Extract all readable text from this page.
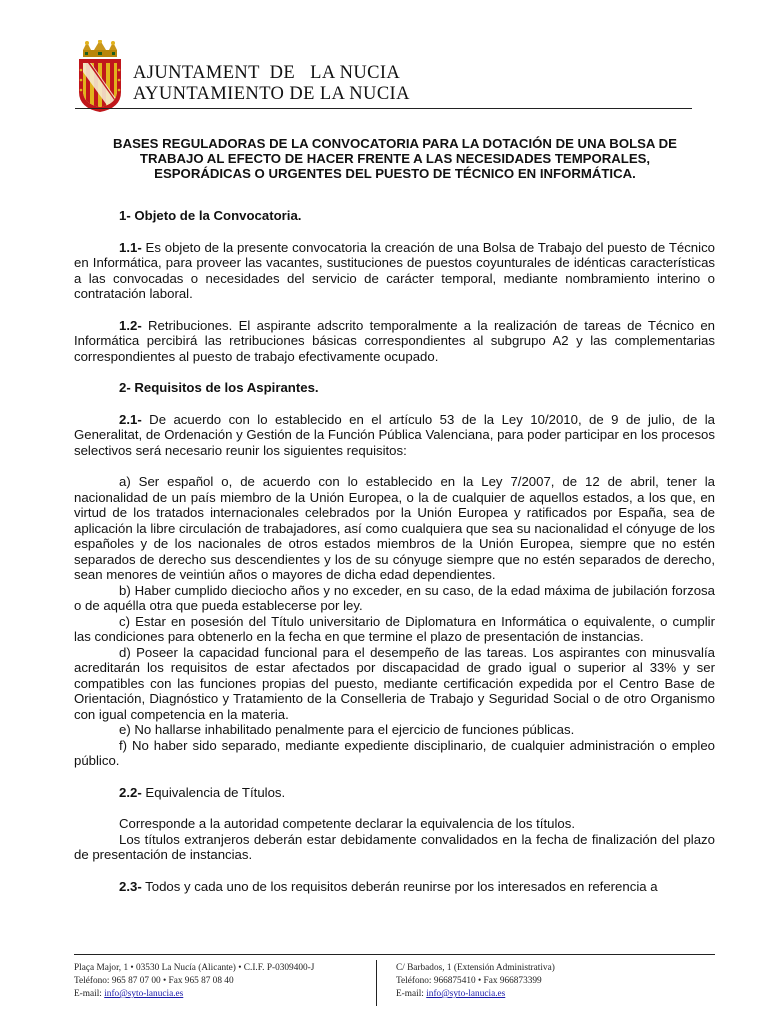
AJUNTAMENT  DE   LA NUCIA
AYUNTAMIENTO DE LA NUCIA
BASES REGULADORAS DE LA CONVOCATORIA PARA LA DOTACIÓN DE UNA BOLSA DE
TRABAJO AL EFECTO DE HACER FRENTE A LAS NECESIDADES TEMPORALES,
ESPORÁDICAS O URGENTES DEL PUESTO DE TÉCNICO EN INFORMÁTICA.

1- Objeto de la Convocatoria.

1.1- Es objeto de la presente convocatoria la creación de una Bolsa de Trabajo del puesto de Técnico en Informática, para proveer las vacantes, sustituciones de puestos coyunturales de idénticas características a las convocadas o necesidades del servicio de carácter temporal, mediante nombramiento interino o contratación laboral.

1.2- Retribuciones. El aspirante adscrito temporalmente a la realización de tareas de Técnico en Informática percibirá las retribuciones básicas correspondientes al subgrupo A2 y las complementarias correspondientes al puesto de trabajo efectivamente ocupado.

2- Requisitos de los Aspirantes.

2.1- De acuerdo con lo establecido en el artículo 53 de la Ley 10/2010, de 9 de julio, de la Generalitat, de Ordenación y Gestión de la Función Pública Valenciana, para poder participar en los procesos selectivos será necesario reunir los siguientes requisitos:

a) Ser español o, de acuerdo con lo establecido en la Ley 7/2007, de 12 de abril, tener la nacionalidad de un país miembro de la Unión Europea, o la de cualquier de aquellos estados, a los que, en virtud de los tratados internacionales celebrados por la Unión Europea y ratificados por España, sea de aplicación la libre circulación de trabajadores, así como cualquiera que sea su nacionalidad el cónyuge de los españoles y de los nacionales de otros estados miembros de la Unión Europea, siempre que no estén separados de derecho sus descendientes y los de su cónyuge siempre que no estén separados de derecho, sean menores de veintiún años o mayores de dicha edad dependientes.

b) Haber cumplido dieciocho años y no exceder, en su caso, de la edad máxima de jubilación forzosa o de aquélla otra que pueda establecerse por ley.

c) Estar en posesión del Título universitario de Diplomatura en Informática o equivalente, o cumplir las condiciones para obtenerlo en la fecha en que termine el plazo de presentación de instancias.

d) Poseer la capacidad funcional para el desempeño de las tareas. Los aspirantes con minusvalía acreditarán los requisitos de estar afectados por discapacidad de grado igual o superior al 33% y ser compatibles con las funciones propias del puesto, mediante certificación expedida por el Centro Base de Orientación, Diagnóstico y Tratamiento de la Conselleria de Trabajo y Seguridad Social o de otro Organismo con igual competencia en la materia.

e) No hallarse inhabilitado penalmente para el ejercicio de funciones públicas.

f) No haber sido separado, mediante expediente disciplinario, de cualquier administración o empleo público.

2.2- Equivalencia de Títulos.

Corresponde a la autoridad competente declarar la equivalencia de los títulos.

Los títulos extranjeros deberán estar debidamente convalidados en la fecha de finalización del plazo de presentación de instancias.

2.3- Todos y cada uno de los requisitos deberán reunirse por los interesados en referencia a

Plaça Major, 1 • 03530 La Nucía (Alicante) • C.I.F. P-0309400-J
Teléfono: 965 87 07 00 • Fax 965 87 08 40
E-mail: info@syto-lanucia.es
C/ Barbados, 1 (Extensión Administrativa)
Teléfono: 966875410 • Fax 966873399
E-mail: info@syto-lanucia.es
